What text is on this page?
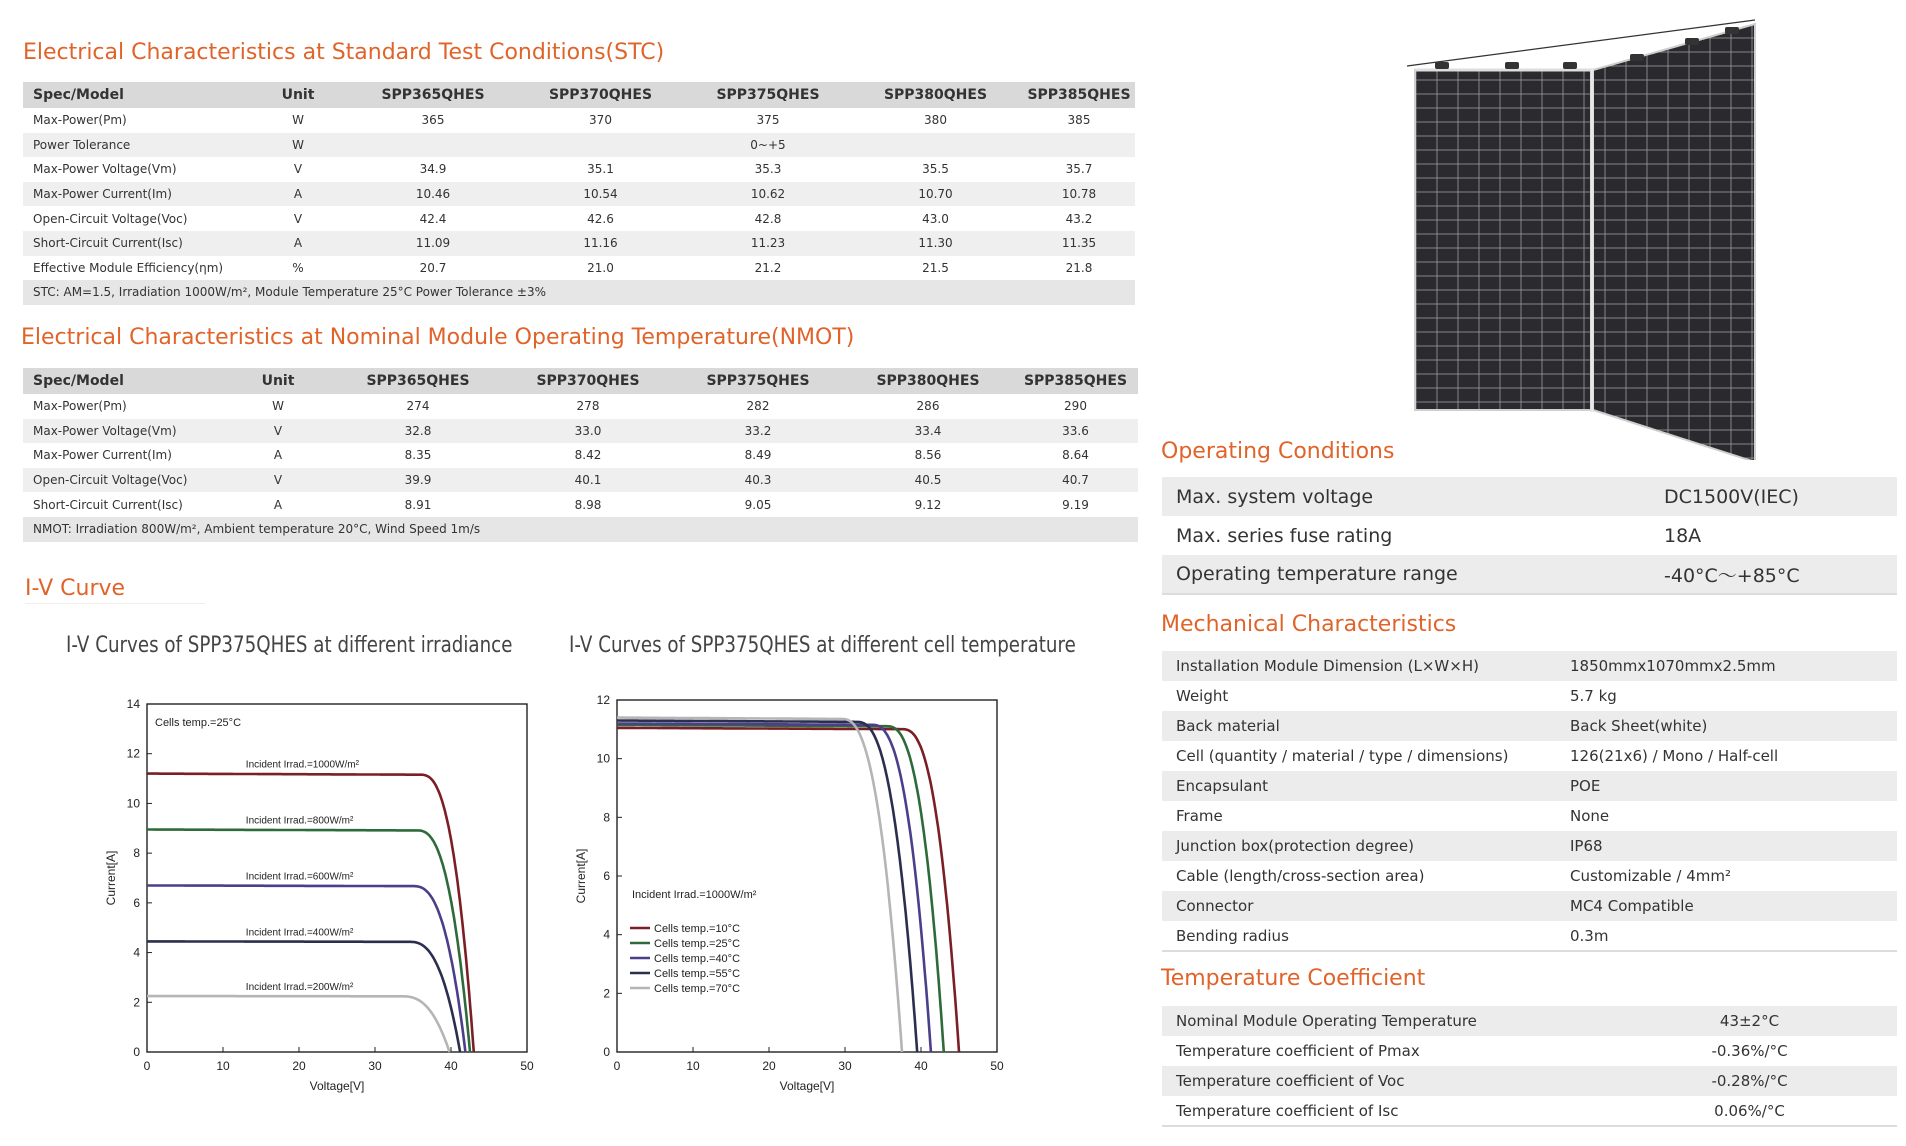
Electrical Characteristics at Standard Test Conditions(STC)
Spec/Model	Unit	SPP365QHES	SPP370QHES	SPP375QHES	SPP380QHES	SPP385QHES
Max-Power(Pm)	W	365	370	375	380	385
Power Tolerance	W			0~+5		
Max-Power Voltage(Vm)	V	34.9	35.1	35.3	35.5	35.7
Max-Power Current(Im)	A	10.46	10.54	10.62	10.70	10.78
Open-Circuit Voltage(Voc)	V	42.4	42.6	42.8	43.0	43.2
Short-Circuit Current(Isc)	A	11.09	11.16	11.23	11.30	11.35
Effective Module Efficiency(ηm)	%	20.7	21.0	21.2	21.5	21.8
STC: AM=1.5, Irradiation 1000W/m², Module Temperature 25°C Power Tolerance ±3%						
Electrical Characteristics at Nominal Module Operating Temperature(NMOT)
Spec/Model	Unit	SPP365QHES	SPP370QHES	SPP375QHES	SPP380QHES	SPP385QHES
Max-Power(Pm)	W	274	278	282	286	290
Max-Power Voltage(Vm)	V	32.8	33.0	33.2	33.4	33.6
Max-Power Current(Im)	A	8.35	8.42	8.49	8.56	8.64
Open-Circuit Voltage(Voc)	V	39.9	40.1	40.3	40.5	40.7
Short-Circuit Current(Isc)	A	8.91	8.98	9.05	9.12	9.19
NMOT: Irradiation 800W/m², Ambient temperature 20°C, Wind Speed 1m/s						
I-V Curve
I-V Curves of SPP375QHES at different irradiance	I-V Curves of SPP375QHES at different cell temperature
0	10	20	30	40	50
0
2
4
6
8
10
12
14
Voltage[V]
Current[A]
Cells temp.=25°C
Incident Irrad.=1000W/m²
Incident Irrad.=800W/m²
Incident Irrad.=600W/m²
Incident Irrad.=400W/m²
Incident Irrad.=200W/m²
0	10	20	30	40	50
0
2
4
6
8
10
12
Voltage[V]
Current[A]	Incident Irrad.=1000W/m²
Cells temp.=10°C
Cells temp.=25°C
Cells temp.=40°C
Cells temp.=55°C
Cells temp.=70°C
Operating Conditions
Max. system voltage	DC1500V(IEC)
Max. series fuse rating	18A
Operating temperature range	-40°C～+85°C
Mechanical Characteristics
Installation Module Dimension (L×W×H)	1850mmx1070mmx2.5mm
Weight	5.7 kg
Back material	Back Sheet(white)
Cell (quantity / material / type / dimensions)	126(21x6) / Mono / Half-cell
Encapsulant	POE
Frame	None
Junction box(protection degree)	IP68
Cable (length/cross-section area)	Customizable / 4mm²
Connector	MC4 Compatible
Bending radius	0.3m
Temperature Coefficient
Nominal Module Operating Temperature	43±2°C
Temperature coefficient of Pmax	-0.36%/°C
Temperature coefficient of Voc	-0.28%/°C
Temperature coefficient of Isc	0.06%/°C
